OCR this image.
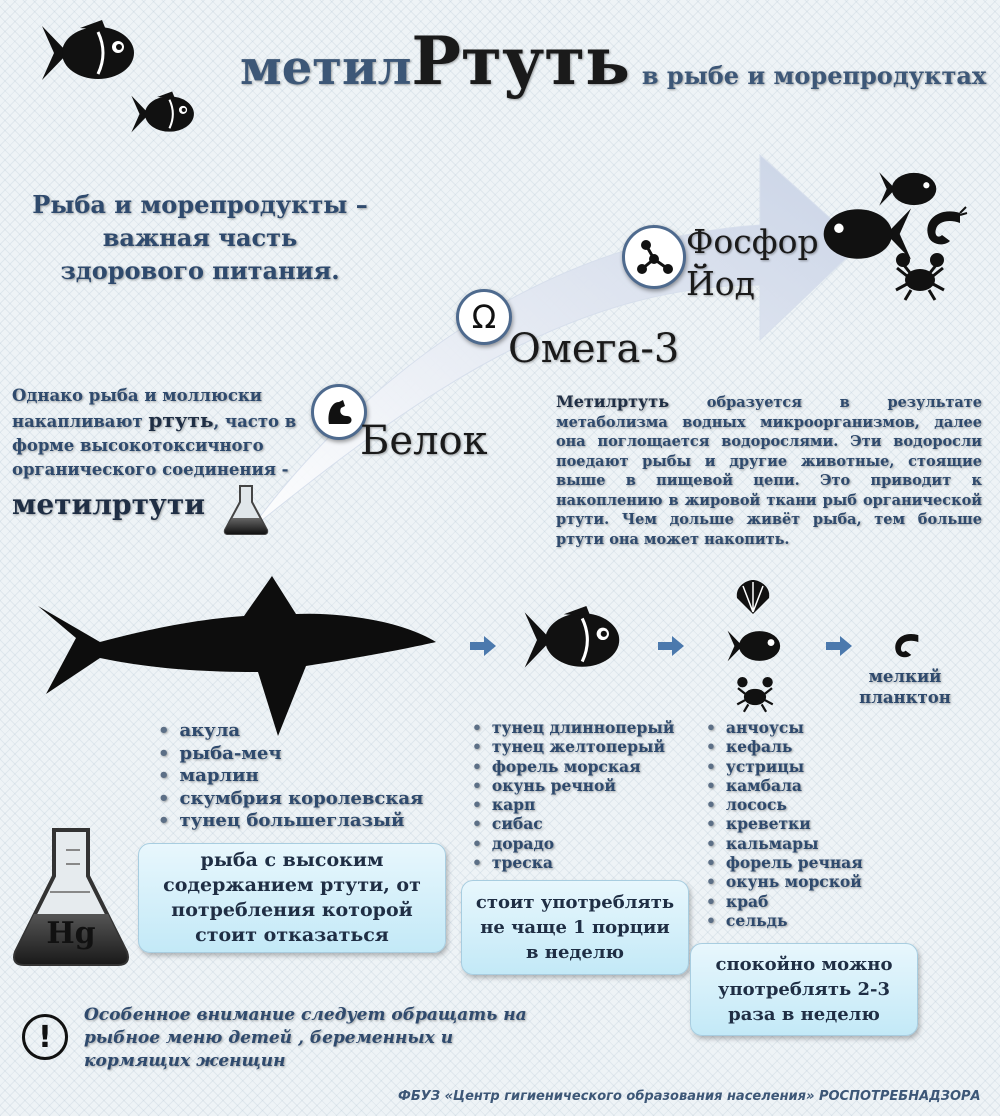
метилРтуть в рыбе и морепродуктах
Рыба и морепродукты –
важная часть
здорового питания.
Ω
Белок
Омега-3
Фосфор
Йод
Однако рыба и моллюски накапливают ртуть, часто в форме высокотоксичного органического соединения -
метилртути
Метилртуть	образуется в результате метаболизма водных микроорганизмов, далее она поглощается водорослями. Эти водоросли поедают рыбы и другие животные, стоящие выше в пищевой цепи. Это приводит к накоплению в жировой ткани рыб органической ртути. Чем дольше живёт рыба, тем больше ртути она может накопить.
мелкий планктон
• акула
• рыба-меч
• марлин
• скумбрия королевская
• тунец большеглазый
• тунец длинноперый
• тунец желтоперый
• форель морская
• окунь речной
• карп
• сибас
• дорадо
• треска
• анчоусы
• кефаль
• устрицы
• камбала
• лосось
• креветки
• кальмары
• форель речная
• окунь морской
• краб
• сельдь
Hg
рыба с высоким содержанием ртути, от потребления которой стоит отказаться
стоит употреблять не чаще 1 порции в неделю
спокойно можно употреблять 2-3 раза в неделю
!
Особенное внимание следует обращать на рыбное меню детей , беременных и кормящих женщин
ФБУЗ «Центр гигиенического образования населения» РОСПОТРЕБНАДЗОРА
